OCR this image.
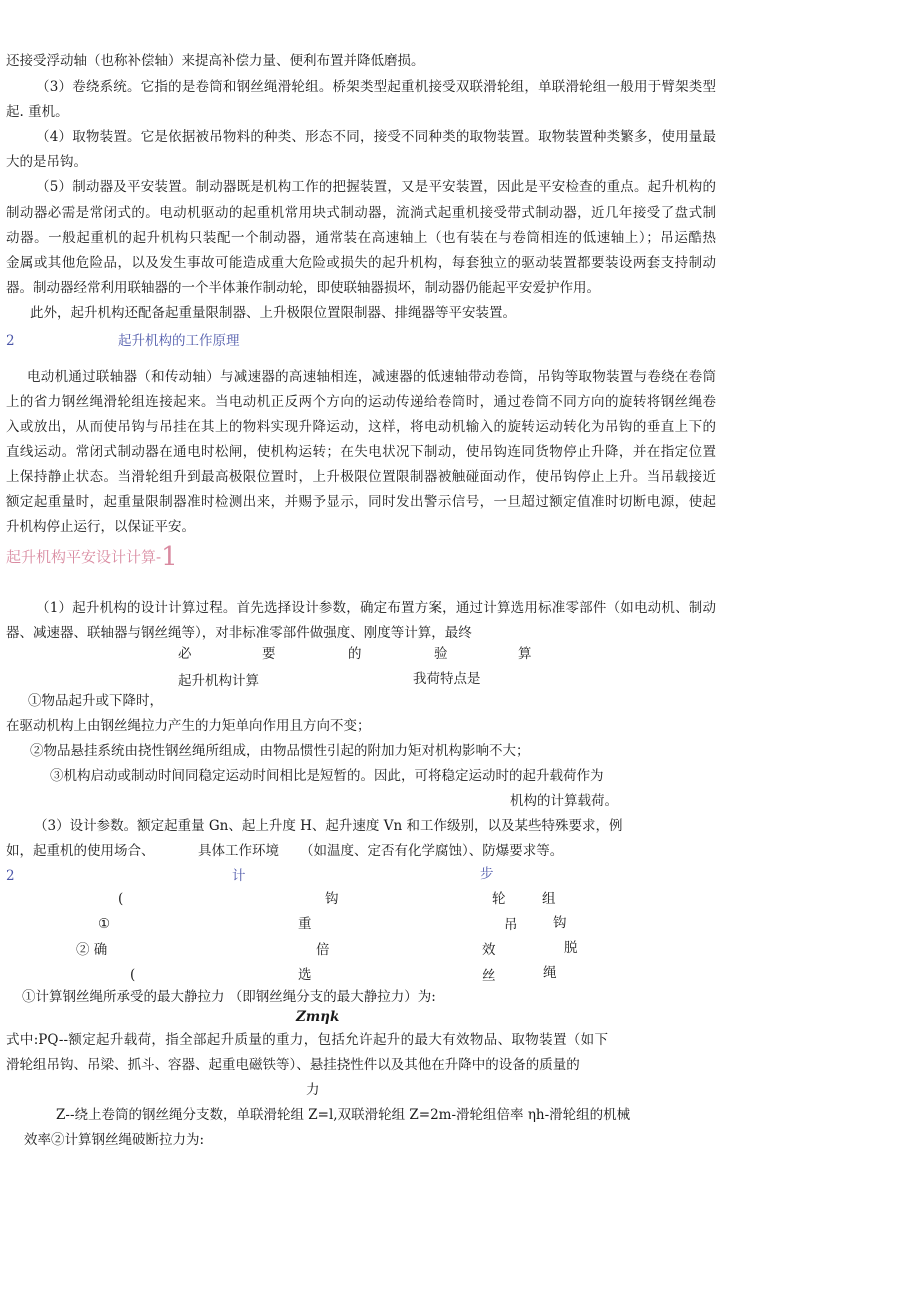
还接受浮动轴（也称补偿轴）来提高补偿力量、便利布置并降低磨损。
（3）卷绕系统。它指的是卷筒和钢丝绳滑轮组。桥架类型起重机接受双联滑轮组，单联滑轮组一般用于臂架类型
起. 重机。
（4）取物装置。它是依据被吊物料的种类、形态不同，接受不同种类的取物装置。取物装置种类繁多，使用量最
大的是吊钩。
（5）制动器及平安装置。制动器既是机构工作的把握装置，又是平安装置，因此是平安检查的重点。起升机构的
制动器必需是常闭式的。电动机驱动的起重机常用块式制动器，流淌式起重机接受带式制动器，近几年接受了盘式制
动器。一般起重机的起升机构只装配一个制动器，通常装在高速轴上（也有装在与卷筒相连的低速轴上）；吊运酷热
金属或其他危险品，以及发生事故可能造成重大危险或损失的起升机构，每套独立的驱动装置都要装设两套支持制动
器。制动器经常利用联轴器的一个半体兼作制动轮，即使联轴器损坏，制动器仍能起平安爱护作用。
此外，起升机构还配备起重量限制器、上升极限位置限制器、排绳器等平安装置。
2	起升机构的工作原理
电动机通过联轴器（和传动轴）与减速器的高速轴相连，减速器的低速轴带动卷筒，吊钩等取物装置与卷绕在卷筒
上的省力钢丝绳滑轮组连接起来。当电动机正反两个方向的运动传递给卷筒时，通过卷筒不同方向的旋转将钢丝绳卷
入或放出，从而使吊钩与吊挂在其上的物料实现升降运动，这样，将电动机输入的旋转运动转化为吊钩的垂直上下的
直线运动。常闭式制动器在通电时松闸，使机构运转；在失电状况下制动，使吊钩连同货物停止升降，并在指定位置
上保持静止状态。当滑轮组升到最高极限位置时，上升极限位置限制器被触碰面动作，使吊钩停止上升。当吊载接近
额定起重量时，起重量限制器准时检测出来，并赐予显示，同时发出警示信号，一旦超过额定值准时切断电源，使起
升机构停止运行，以保证平安。
起升机构平安设计计算-1
（1）起升机构的设计计算过程。首先选择设计参数，确定布置方案，通过计算选用标准零部件（如电动机、制动
器、减速器、联轴器与钢丝绳等），对非标准零部件做强度、刚度等计算，最终
必	要	的	验	算
起升机构计算	我荷特点是
①物品起升或下降时，
在驱动机构上由钢丝绳拉力产生的力矩单向作用且方向不变；
②物品悬挂系统由挠性钢丝绳所组成，由物品惯性引起的附加力矩对机构影响不大；
③机构启动或制动时间同稳定运动时间相比是短暂的。因此，可将稳定运动时的起升载荷作为
机构的计算载荷。
（3）设计参数。额定起重量 Gn、起上升度 H、起升速度 Vn 和工作级别，以及某些特殊要求，例
如，起重机的使用场合、	具体工作环境 （如温度、定否有化学腐蚀）、防爆要求等。
2	计	步
(	钩	轮	组
①	重	吊	钩
② 确	倍	效	脱
(	选	丝	绳
①计算钢丝绳所承受的最大静拉力 （即钢丝绳分支的最大静拉力）为:
Zmηk
式中:PQ--额定起升载荷，指全部起升质量的重力，包括允许起升的最大有效物品、取物装置（如下
滑轮组吊钩、吊梁、抓斗、容器、起重电磁铁等）、悬挂挠性件以及其他在升降中的设备的质量的
力
Z--绕上卷筒的钢丝绳分支数，单联滑轮组 Z=l,双联滑轮组 Z=2m-滑轮组倍率 ηh-滑轮组的机械
效率②计算钢丝绳破断拉力为:
